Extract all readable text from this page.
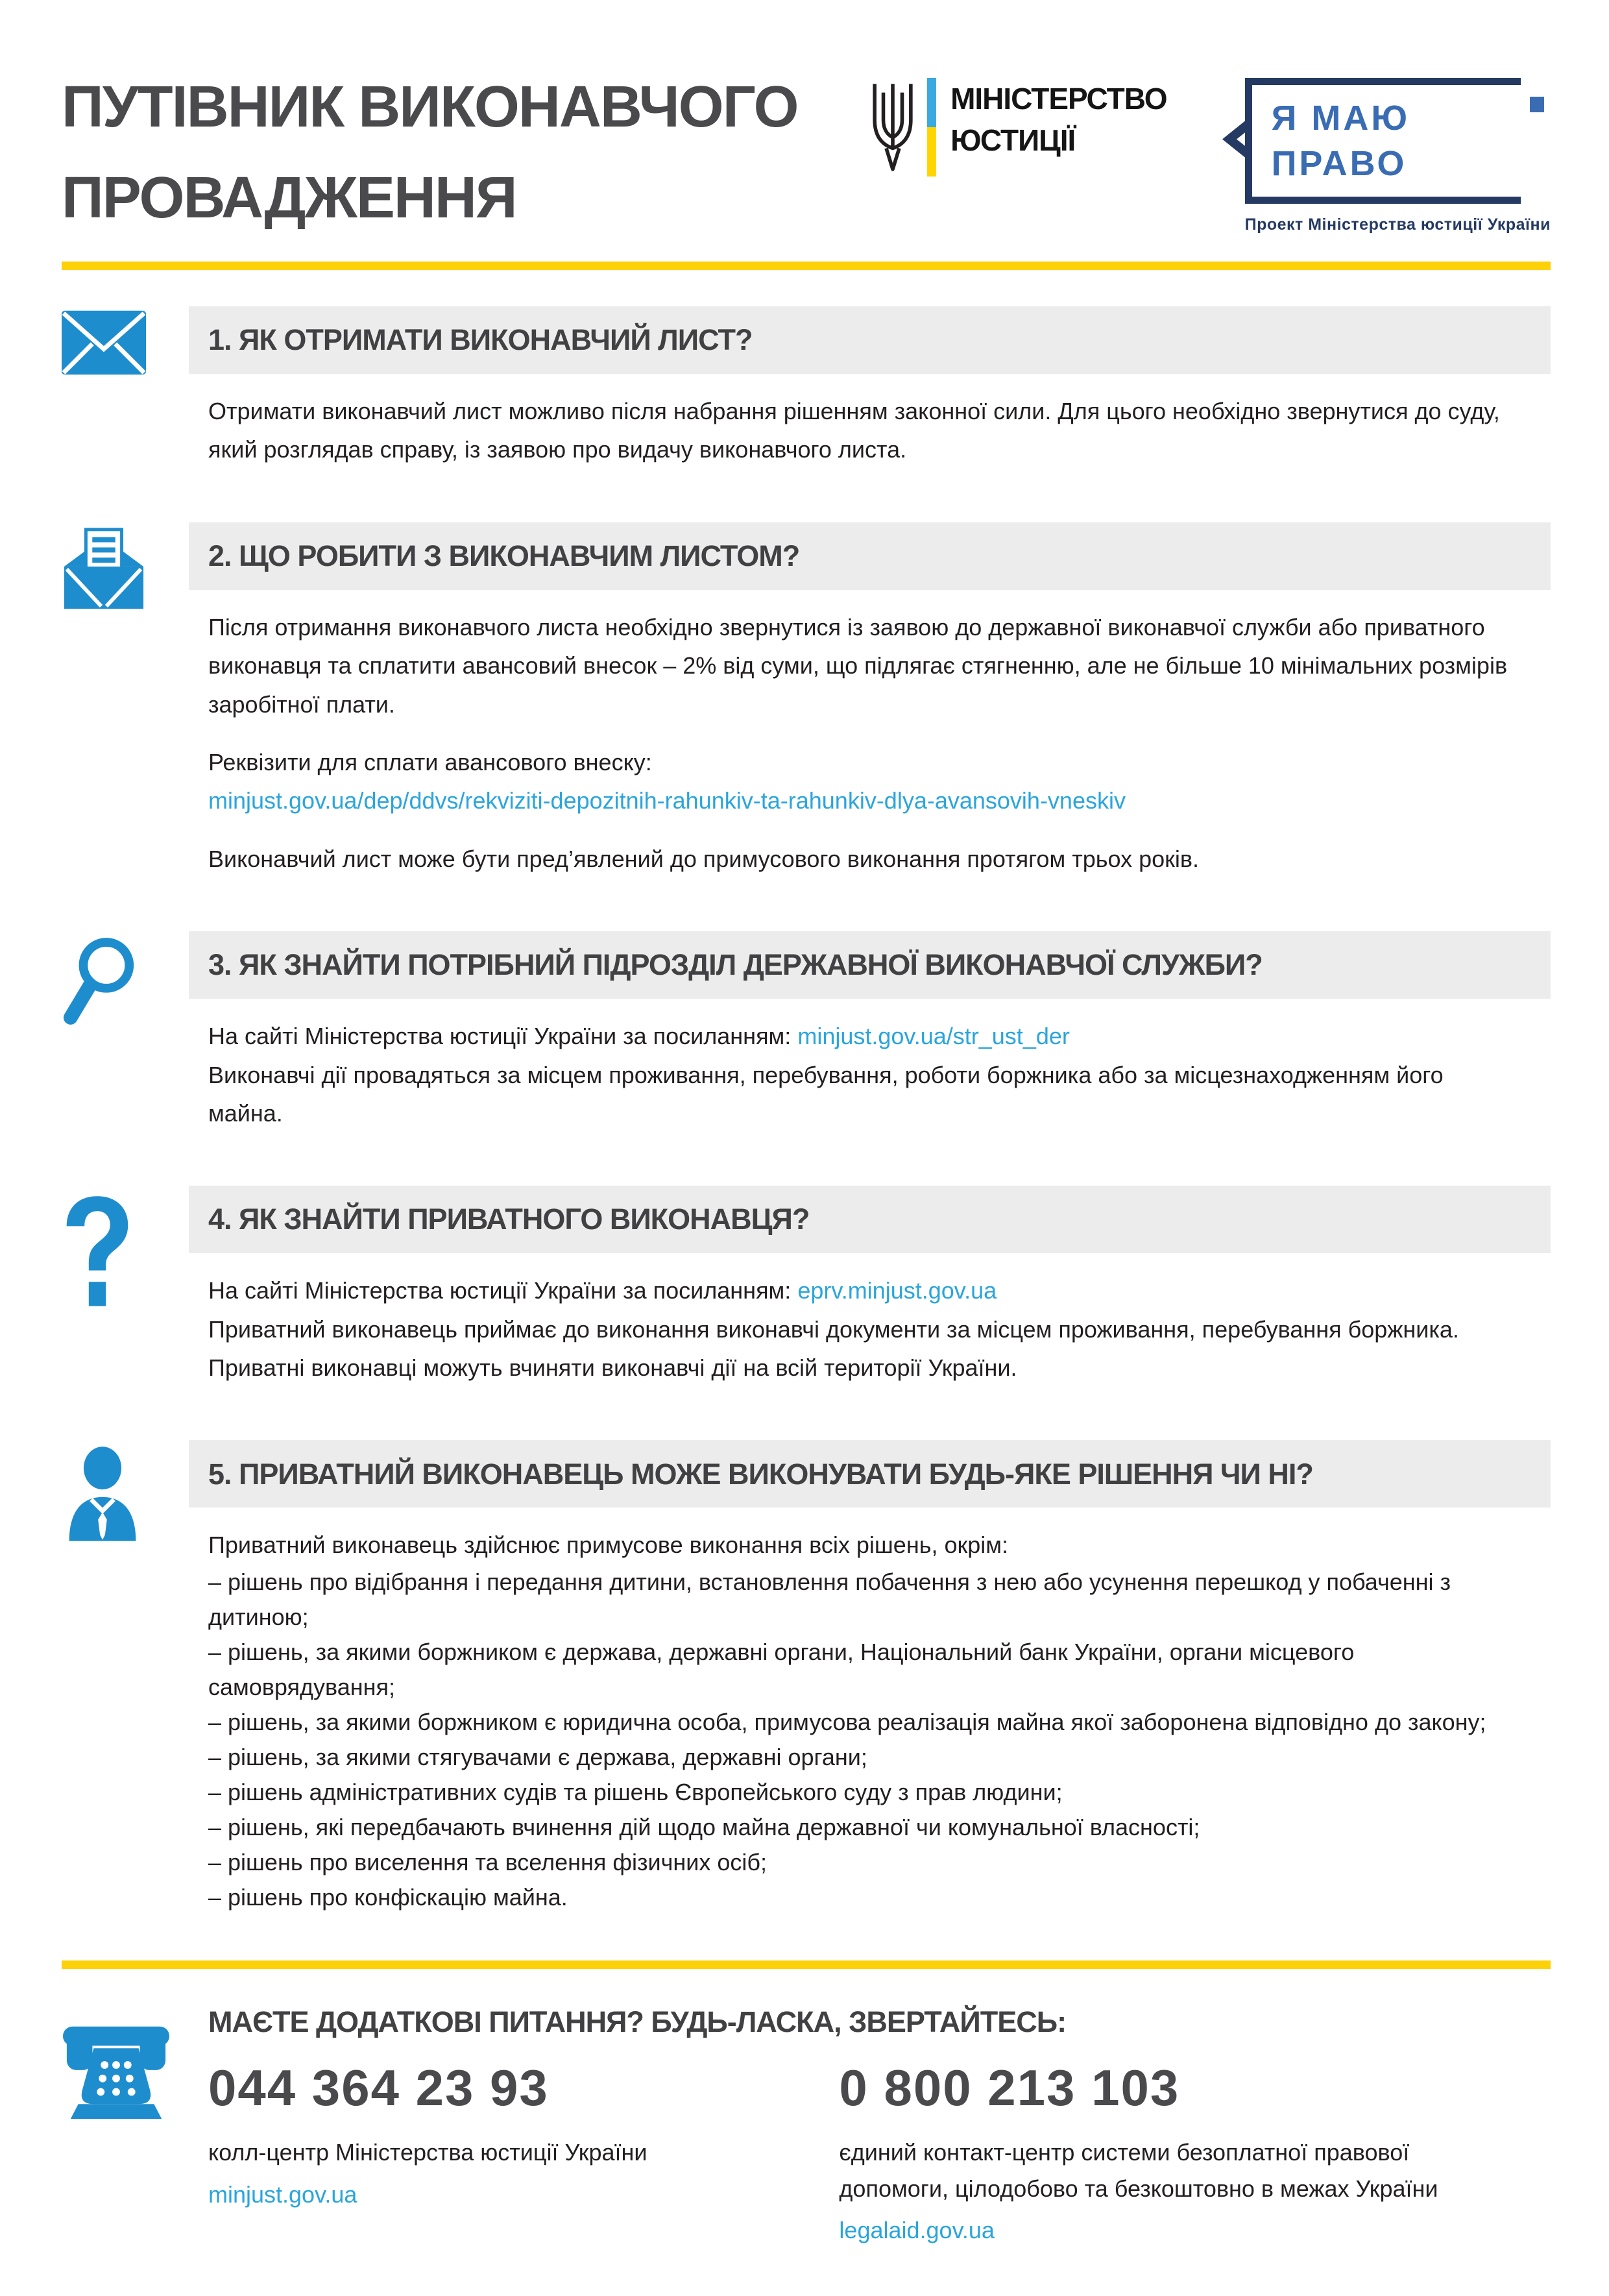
ПУТІВНИК ВИКОНАВЧОГО
ПРОВАДЖЕННЯ
МІНІСТЕРСТВО
ЮСТИЦІЇ
Я МАЮ
ПРАВО
Проект Міністерства юстиції України
1. ЯК ОТРИМАТИ ВИКОНАВЧИЙ ЛИСТ?

Отримати виконавчий лист можливо після набрання рішенням законної сили. Для цього необхідно звернутися до суду, який розглядав справу, із заявою про видачу виконавчого листа.

2. ЩО РОБИТИ З ВИКОНАВЧИМ ЛИСТОМ?

Після отримання виконавчого листа необхідно звернутися із заявою до державної виконавчої служби або приватного виконавця та сплатити авансовий внесок – 2% від суми, що підлягає стягненню, але не більше 10 мінімальних розмірів заробітної плати.

Реквізити для сплати авансового внеску:
minjust.gov.ua/dep/ddvs/rekviziti-depozitnih-rahunkiv-ta-rahunkiv-dlya-avansovih-vneskiv

Виконавчий лист може бути пред’явлений до примусового виконання протягом трьох років.

3. ЯК ЗНАЙТИ ПОТРІБНИЙ ПІДРОЗДІЛ ДЕРЖАВНОЇ ВИКОНАВЧОЇ СЛУЖБИ?

На сайті Міністерства юстиції України за посиланням: minjust.gov.ua/str_ust_der
Виконавчі дії провадяться за місцем проживання, перебування, роботи боржника або за місцезнаходженням його майна.

4. ЯК ЗНАЙТИ ПРИВАТНОГО ВИКОНАВЦЯ?

На сайті Міністерства юстиції України за посиланням: eprv.minjust.gov.ua
Приватний виконавець приймає до виконання виконавчі документи за місцем проживання, перебування боржника. Приватні виконавці можуть вчиняти виконавчі дії на всій території України.

5. ПРИВАТНИЙ ВИКОНАВЕЦЬ МОЖЕ ВИКОНУВАТИ БУДЬ-ЯКЕ РІШЕННЯ ЧИ НІ?

Приватний виконавець здійснює примусове виконання всіх рішень, окрім:

– рішень про відібрання і передання дитини, встановлення побачення з нею або усунення перешкод у побаченні з дитиною;

– рішень, за якими боржником є держава, державні органи, Національний банк України, органи місцевого самоврядування;

– рішень, за якими боржником є юридична особа, примусова реалізація майна якої заборонена відповідно до закону;

– рішень, за якими стягувачами є держава, державні органи;

– рішень адміністративних судів та рішень Європейського суду з прав людини;

– рішень, які передбачають вчинення дій щодо майна державної чи комунальної власності;

– рішень про виселення та вселення фізичних осіб;

– рішень про конфіскацію майна.

МАЄТЕ ДОДАТКОВІ ПИТАННЯ? БУДЬ-ЛАСКА, ЗВЕРТАЙТЕСЬ:
044 364 23 93
колл-центр Міністерства юстиції України
minjust.gov.ua
0 800 213 103
єдиний контакт-центр системи безоплатної правової допомоги, цілодобово та безкоштовно в межах України
legalaid.gov.ua
